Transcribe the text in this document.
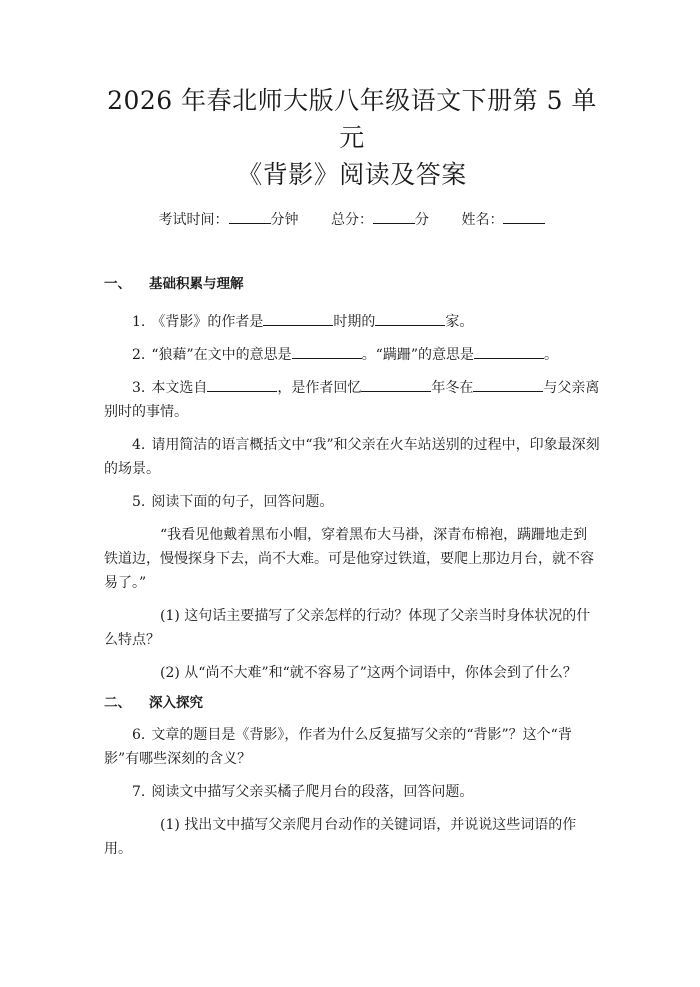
2026 年春北师大版八年级语文下册第 5 单元
《背影》阅读及答案
考试时间：	分钟 总分：	分 姓名：
一、 基础积累与理解

1. 《背影》的作者是	时期的	家。

2. “狼藉”在文中的意思是	。“蹒跚”的意思是	。

3. 本文选自	，是作者回忆	年冬在	与父亲离别时的事情。

4. 请用简洁的语言概括文中“我”和父亲在火车站送别的过程中，印象最深刻的场景。

5. 阅读下面的句子，回答问题。

“我看见他戴着黑布小帽，穿着黑布大马褂，深青布棉袍，蹒跚地走到铁道边，慢慢探身下去，尚不大难。可是他穿过铁道，要爬上那边月台，就不容易了。”

(1) 这句话主要描写了父亲怎样的行动？体现了父亲当时身体状况的什么特点？

(2) 从“尚不大难”和“就不容易了”这两个词语中，你体会到了什么？

二、 深入探究

6. 文章的题目是《背影》，作者为什么反复描写父亲的“背影”？这个“背影”有哪些深刻的含义？

7. 阅读文中描写父亲买橘子爬月台的段落，回答问题。

(1) 找出文中描写父亲爬月台动作的关键词语，并说说这些词语的作用。
